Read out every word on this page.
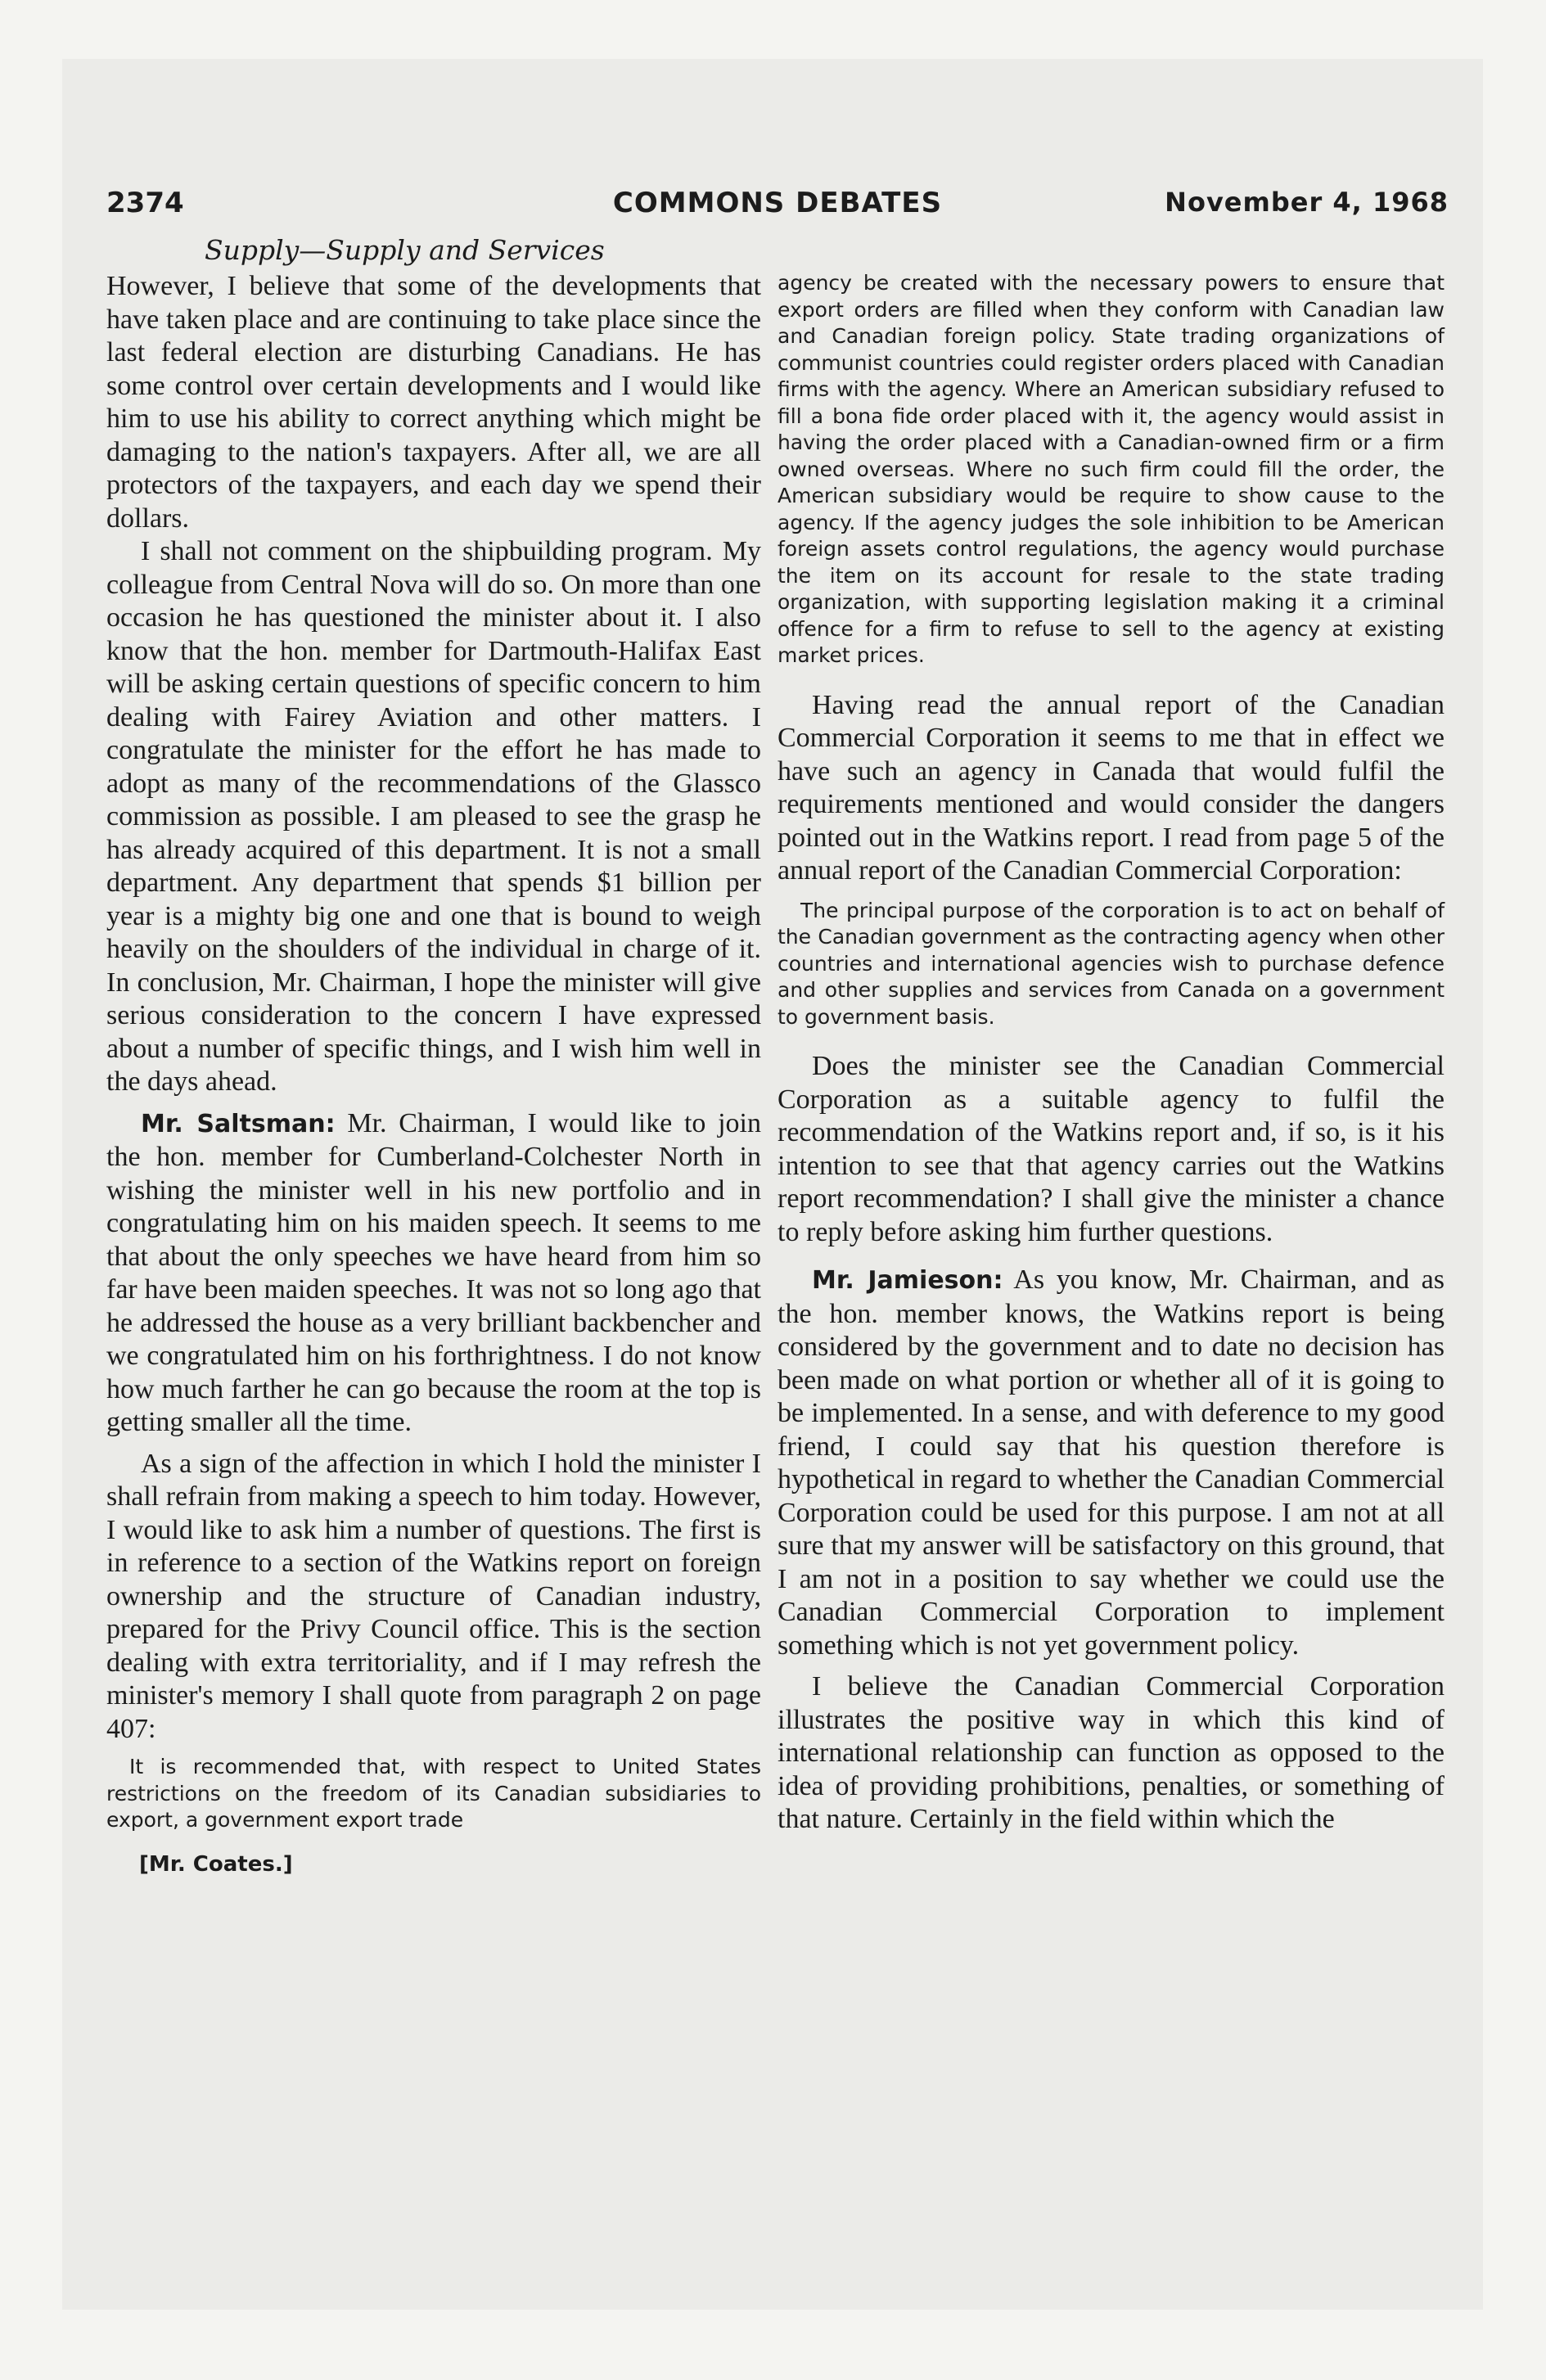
2374	COMMONS DEBATES	November 4, 1968
Supply—Supply and Services

However, I believe that some of the developments that have taken place and are continuing to take place since the last federal election are disturbing Canadians. He has some control over certain developments and I would like him to use his ability to correct anything which might be damaging to the nation's taxpayers. After all, we are all protectors of the taxpayers, and each day we spend their dollars.

I shall not comment on the shipbuilding program. My colleague from Central Nova will do so. On more than one occasion he has questioned the minister about it. I also know that the hon. member for Dartmouth-Halifax East will be asking certain questions of specific concern to him dealing with Fairey Aviation and other matters. I congratulate the minister for the effort he has made to adopt as many of the recommendations of the Glassco commission as possible. I am pleased to see the grasp he has already acquired of this department. It is not a small department. Any department that spends $1 billion per year is a mighty big one and one that is bound to weigh heavily on the shoulders of the individual in charge of it. In conclusion, Mr. Chairman, I hope the minister will give serious consideration to the concern I have expressed about a number of specific things, and I wish him well in the days ahead.

Mr. Saltsman: Mr. Chairman, I would like to join the hon. member for Cumberland-Colchester North in wishing the minister well in his new portfolio and in congratulating him on his maiden speech. It seems to me that about the only speeches we have heard from him so far have been maiden speeches. It was not so long ago that he addressed the house as a very brilliant backbencher and we congratulated him on his forthrightness. I do not know how much farther he can go because the room at the top is getting smaller all the time.

As a sign of the affection in which I hold the minister I shall refrain from making a speech to him today. However, I would like to ask him a number of questions. The first is in reference to a section of the Watkins report on foreign ownership and the structure of Canadian industry, prepared for the Privy Council office. This is the section dealing with extra territoriality, and if I may refresh the minister's memory I shall quote from paragraph 2 on page 407:

It is recommended that, with respect to United States restrictions on the freedom of its Canadian subsidiaries to export, a government export trade

[Mr. Coates.]

agency be created with the necessary powers to ensure that export orders are filled when they conform with Canadian law and Canadian foreign policy. State trading organizations of communist countries could register orders placed with Canadian firms with the agency. Where an American subsidiary refused to fill a bona fide order placed with it, the agency would assist in having the order placed with a Canadian-owned firm or a firm owned overseas. Where no such firm could fill the order, the American subsidiary would be require to show cause to the agency. If the agency judges the sole inhibition to be American foreign assets control regulations, the agency would purchase the item on its account for resale to the state trading organization, with supporting legislation making it a criminal offence for a firm to refuse to sell to the agency at existing market prices.

Having read the annual report of the Canadian Commercial Corporation it seems to me that in effect we have such an agency in Canada that would fulfil the requirements mentioned and would consider the dangers pointed out in the Watkins report. I read from page 5 of the annual report of the Canadian Commercial Corporation:

The principal purpose of the corporation is to act on behalf of the Canadian government as the contracting agency when other countries and international agencies wish to purchase defence and other supplies and services from Canada on a government to government basis.

Does the minister see the Canadian Commercial Corporation as a suitable agency to fulfil the recommendation of the Watkins report and, if so, is it his intention to see that that agency carries out the Watkins report recommendation? I shall give the minister a chance to reply before asking him further questions.

Mr. Jamieson: As you know, Mr. Chairman, and as the hon. member knows, the Watkins report is being considered by the government and to date no decision has been made on what portion or whether all of it is going to be implemented. In a sense, and with deference to my good friend, I could say that his question therefore is hypothetical in regard to whether the Canadian Commercial Corporation could be used for this purpose. I am not at all sure that my answer will be satisfactory on this ground, that I am not in a position to say whether we could use the Canadian Commercial Corporation to implement something which is not yet government policy.

I believe the Canadian Commercial Corporation illustrates the positive way in which this kind of international relationship can function as opposed to the idea of providing prohibitions, penalties, or something of that nature. Certainly in the field within which the
